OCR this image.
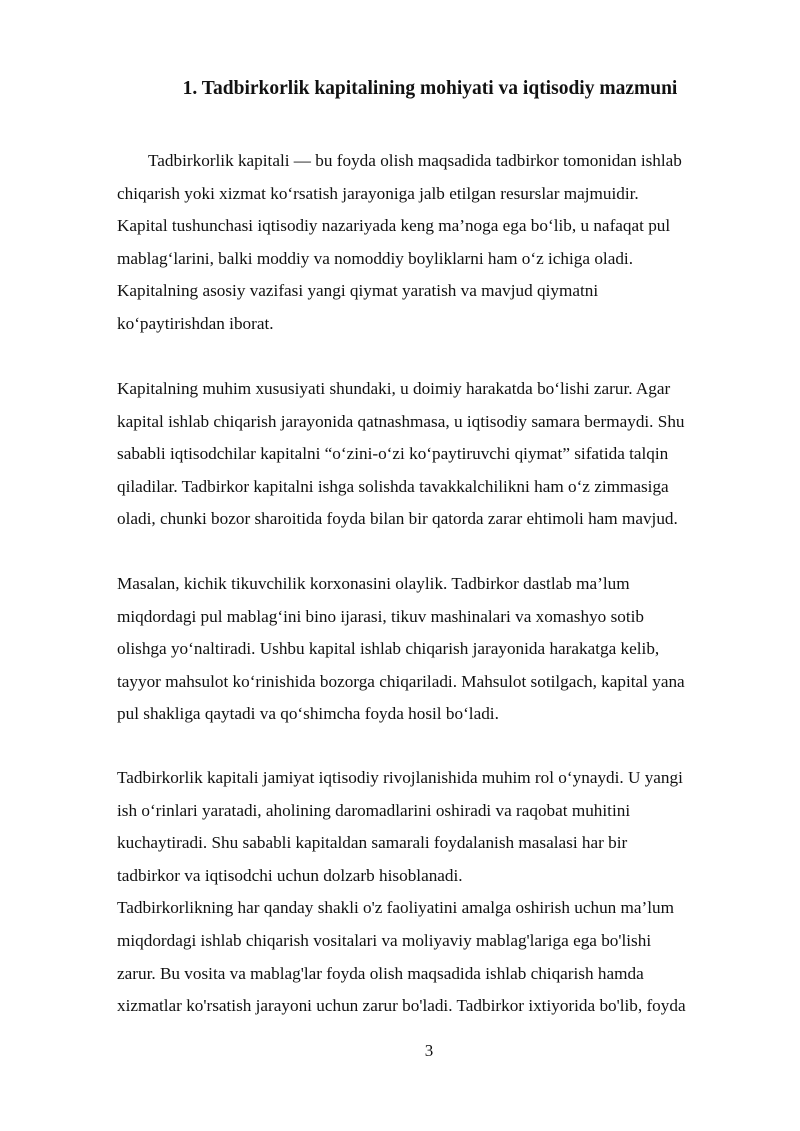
1. Tadbirkorlik kapitalining mohiyati va iqtisodiy mazmuni

Tadbirkorlik kapitali — bu foyda olish maqsadida tadbirkor tomonidan ishlab
chiqarish yoki xizmat ko‘rsatish jarayoniga jalb etilgan resurslar majmuidir.
Kapital tushunchasi iqtisodiy nazariyada keng ma’noga ega bo‘lib, u nafaqat pul
mablag‘larini, balki moddiy va nomoddiy boyliklarni ham o‘z ichiga oladi.
Kapitalning asosiy vazifasi yangi qiymat yaratish va mavjud qiymatni
ko‘paytirishdan iborat.

Kapitalning muhim xususiyati shundaki, u doimiy harakatda bo‘lishi zarur. Agar
kapital ishlab chiqarish jarayonida qatnashmasa, u iqtisodiy samara bermaydi. Shu
sababli iqtisodchilar kapitalni “o‘zini-o‘zi ko‘paytiruvchi qiymat” sifatida talqin
qiladilar. Tadbirkor kapitalni ishga solishda tavakkalchilikni ham o‘z zimmasiga
oladi, chunki bozor sharoitida foyda bilan bir qatorda zarar ehtimoli ham mavjud.

Masalan, kichik tikuvchilik korxonasini olaylik. Tadbirkor dastlab ma’lum
miqdordagi pul mablag‘ini bino ijarasi, tikuv mashinalari va xomashyo sotib
olishga yo‘naltiradi. Ushbu kapital ishlab chiqarish jarayonida harakatga kelib,
tayyor mahsulot ko‘rinishida bozorga chiqariladi. Mahsulot sotilgach, kapital yana
pul shakliga qaytadi va qo‘shimcha foyda hosil bo‘ladi.

Tadbirkorlik kapitali jamiyat iqtisodiy rivojlanishida muhim rol o‘ynaydi. U yangi
ish o‘rinlari yaratadi, aholining daromadlarini oshiradi va raqobat muhitini
kuchaytiradi. Shu sababli kapitaldan samarali foydalanish masalasi har bir
tadbirkor va iqtisodchi uchun dolzarb hisoblanadi.
Tadbirkorlikning har qanday shakli o'z faoliyatini amalga oshirish uchun ma’lum
miqdordagi ishlab chiqarish vositalari va moliyaviy mablag'lariga ega bo'lishi
zarur. Bu vosita va mablag'lar foyda olish maqsadida ishlab chiqarish hamda
xizmatlar ko'rsatish jarayoni uchun zarur bo'ladi. Tadbirkor ixtiyorida bo'lib, foyda

3
